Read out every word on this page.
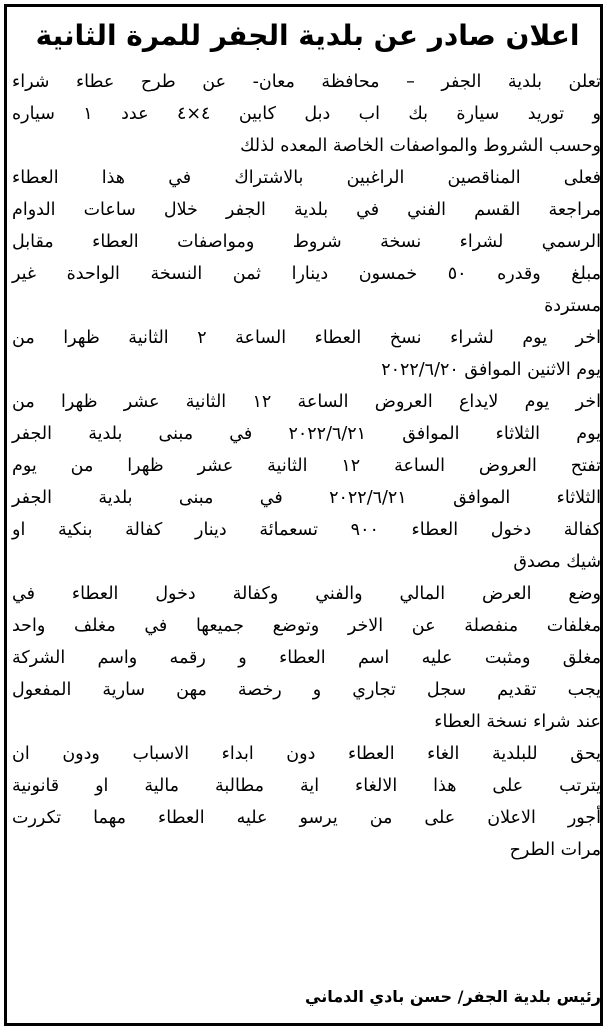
اعلان صادر عن بلدية الجفر للمرة الثانية
تعلن بلدية الجفر – محافظة معان- عن طرح عطاء شراء
و توريد سيارة بك اب دبل كابين ٤×٤ عدد ١ سياره
وحسب الشروط والمواصفات الخاصة المعده لذلك
فعلى المناقصين الراغبين بالاشتراك في هذا العطاء
مراجعة القسم الفني في بلدية الجفر خلال ساعات الدوام
الرسمي لشراء نسخة شروط ومواصفات العطاء مقابل
مبلغ وقدره ٥٠ خمسون دينارا ثمن النسخة الواحدة غير
مستردة
اخر يوم لشراء نسخ العطاء الساعة ٢ الثانية ظهرا من
يوم الاثنين الموافق ٢٠٢٢/٦/٢٠
اخر يوم لايداع العروض الساعة ١٢ الثانية عشر ظهرا من
يوم الثلاثاء الموافق ٢٠٢٢/٦/٢١ في مبنى بلدية الجفر
تفتح العروض الساعة ١٢ الثانية عشر ظهرا من يوم
الثلاثاء الموافق ٢٠٢٢/٦/٢١ في مبنى بلدية الجفر
كفالة دخول العطاء ٩٠٠ تسعمائة دينار كفالة بنكية او
شيك مصدق
وضع العرض المالي والفني وكفالة دخول العطاء في
مغلفات منفصلة عن الاخر وتوضع جميعها في مغلف واحد
مغلق ومثبت عليه اسم العطاء و رقمه واسم الشركة
يجب تقديم سجل تجاري و رخصة مهن سارية المفعول
عند شراء نسخة العطاء
يحق للبلدية الغاء العطاء دون ابداء الاسباب ودون ان
يترتب على هذا الالغاء اية مطالبة مالية او قانونية
أجور الاعلان على من يرسو عليه العطاء مهما تكررت
مرات الطرح
رئيس بلدية الجفر/ حسن بادي الدماني
